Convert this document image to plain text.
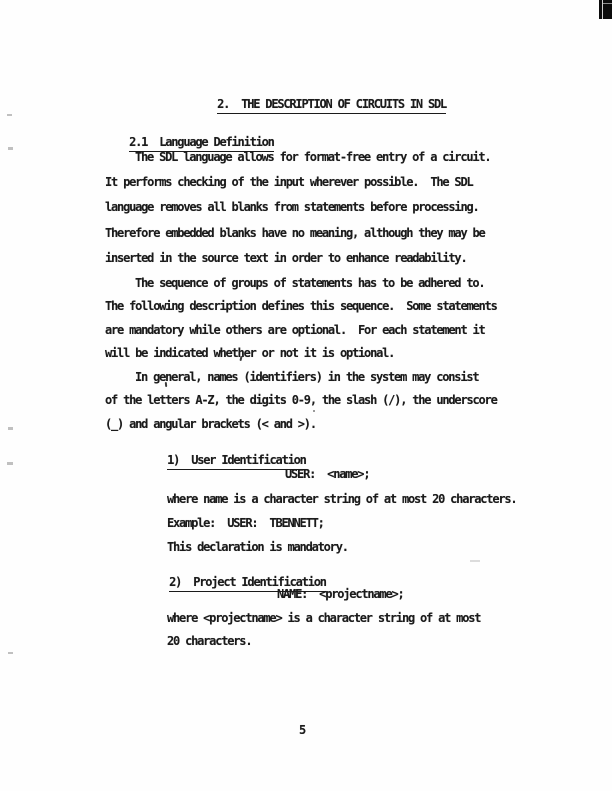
2.  THE DESCRIPTION OF CIRCUITS IN SDL

2.1  Language Definition

The SDL language allows for format-free entry of a circuit.
It performs checking of the input wherever possible.  The SDL
language removes all blanks from statements before processing.
Therefore embedded blanks have no meaning, although they may be
inserted in the source text in order to enhance readability.
The sequence of groups of statements has to be adhered to.
The following description defines this sequence.  Some statements
are mandatory while others are optional.  For each statement it
will be indicated whether or not it is optional.
In general, names (identifiers) in the system may consist
of the letters A-Z, the digits 0-9, the slash (/), the underscore
(_) and angular brackets (< and >).

1)  User Identification

USER:  <name>;
where name is a character string of at most 20 characters.
Example:  USER:  TBENNETT;
This declaration is mandatory.

2)  Project Identification

NAME:  <projectname>;
where <projectname> is a character string of at most
20 characters.
5
